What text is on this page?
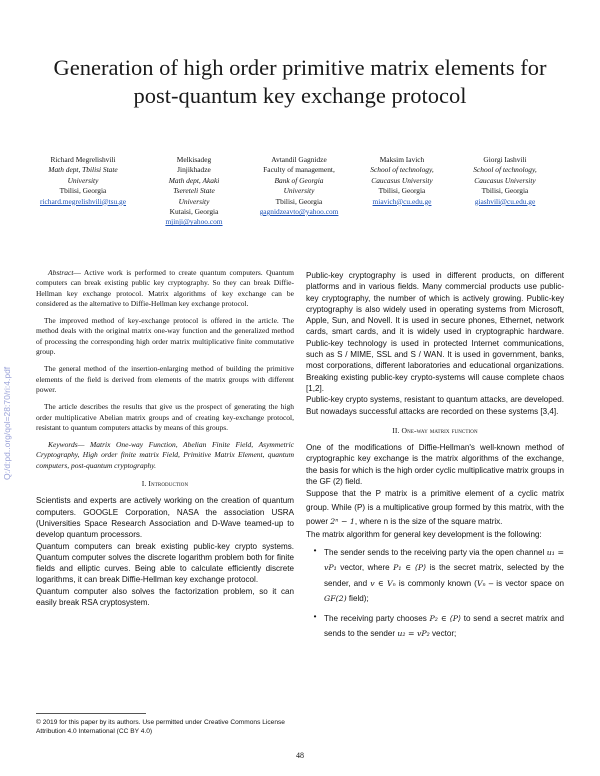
Generation of high order primitive matrix elements for post-quantum key exchange protocol
Richard Megrelishvili
Math dept, Tbilisi State
University
Tbilisi, Georgia
richard.megrelishvili@tsu.ge
Melkisadeg
Jinjikhadze
Math dept, Akaki
Tsereteli State
University
Kutaisi, Georgia
mjinji@yahoo.com
Avtandil Gagnidze
Faculty of management,
Bank of Georgia
University
Tbilisi, Georgia
gagnidzeavto@yahoo.com
Maksim Iavich
School of technology,
Caucasus University
Tbilisi, Georgia
miavich@cu.edu.ge
Giorgi Iashvili
School of technology,
Caucasus University
Tbilisi, Georgia
giashvili@cu.edu.ge

Abstract— Active work is performed to create quantum computers. Quantum computers can break existing public key cryptography. So they can break Diffie-Hellman key exchange protocol. Matrix algorithms of key exchange can be considered as the alternative to Diffie-Hellman key exchange protocol.

The improved method of key-exchange protocol is offered in the article. The method deals with the original matrix one-way function and the generalized method of processing the corresponding high order matrix multiplicative finite commutative group.

The general method of the insertion-enlarging method of building the primitive elements of the field is derived from elements of the matrix groups with different power.

The article describes the results that give us the prospect of generating the high order multiplicative Abelian matrix groups and of creating key-exchange protocol, resistant to quantum computers attacks by means of this groups.

Keywords— Matrix One-way Function, Abelian Finite Field, Asymmetric Cryptography, High order finite matrix Field, Primitive Matrix Element, quantum computers, post-quantum cryptography.

I. Introduction

Scientists and experts are actively working on the creation of quantum computers. GOOGLE Corporation, NASA the association USRA (Universities Space Research Association and D-Wave teamed-up to develop quantum processors.

Quantum computers can break existing public-key crypto systems. Quantum computer solves the discrete logarithm problem both for finite fields and elliptic curves. Being able to calculate efficiently discrete logarithms, it can break Diffie-Hellman key exchange protocol.

Quantum computer also solves the factorization problem, so it can easily break RSA cryptosystem.

Public-key cryptography is used in different products, on different platforms and in various fields. Many commercial products use public-key cryptography, the number of which is actively growing. Public-key cryptography is also widely used in operating systems from Microsoft, Apple, Sun, and Novell. It is used in secure phones, Ethernet, network cards, smart cards, and it is widely used in cryptographic hardware. Public-key technology is used in protected Internet communications, such as S / MIME, SSL and S / WAN. It is used in government, banks, most corporations, different laboratories and educational organizations. Breaking existing public-key crypto-systems will cause complete chaos [1,2].

Public-key crypto systems, resistant to quantum attacks, are developed. But nowadays successful attacks are recorded on these systems [3,4].

II. One-way matrix function

One of the modifications of Diffie-Hellman's well-known method of cryptographic key exchange is the matrix algorithms of the exchange, the basis for which is the high order cyclic multiplicative matrix groups in the GF (2) field.

Suppose that the P matrix is a primitive element of a cyclic matrix group. While (P) is a multiplicative group formed by this matrix, with the power 2ⁿ − 1, where n is the size of the square matrix.

The matrix algorithm for general key development is the following:

• The sender sends to the receiving party via the open channel u₁ = vP₁ vector, where P₁ ∈ ⟨P⟩ is the secret matrix, selected by the sender, and v ∈ Vₙ is commonly known (Vₙ – is vector space on GF(2) field);
• The receiving party chooses P₂ ∈ ⟨P⟩ to send a secret matrix and sends to the sender u₂ = vP₂ vector;
© 2019 for this paper by its authors. Use permitted under Creative Commons License Attribution 4.0 International (CC BY 4.0)
48
Q:/d:pd..org/qol=28:70/ri:4.pdf
